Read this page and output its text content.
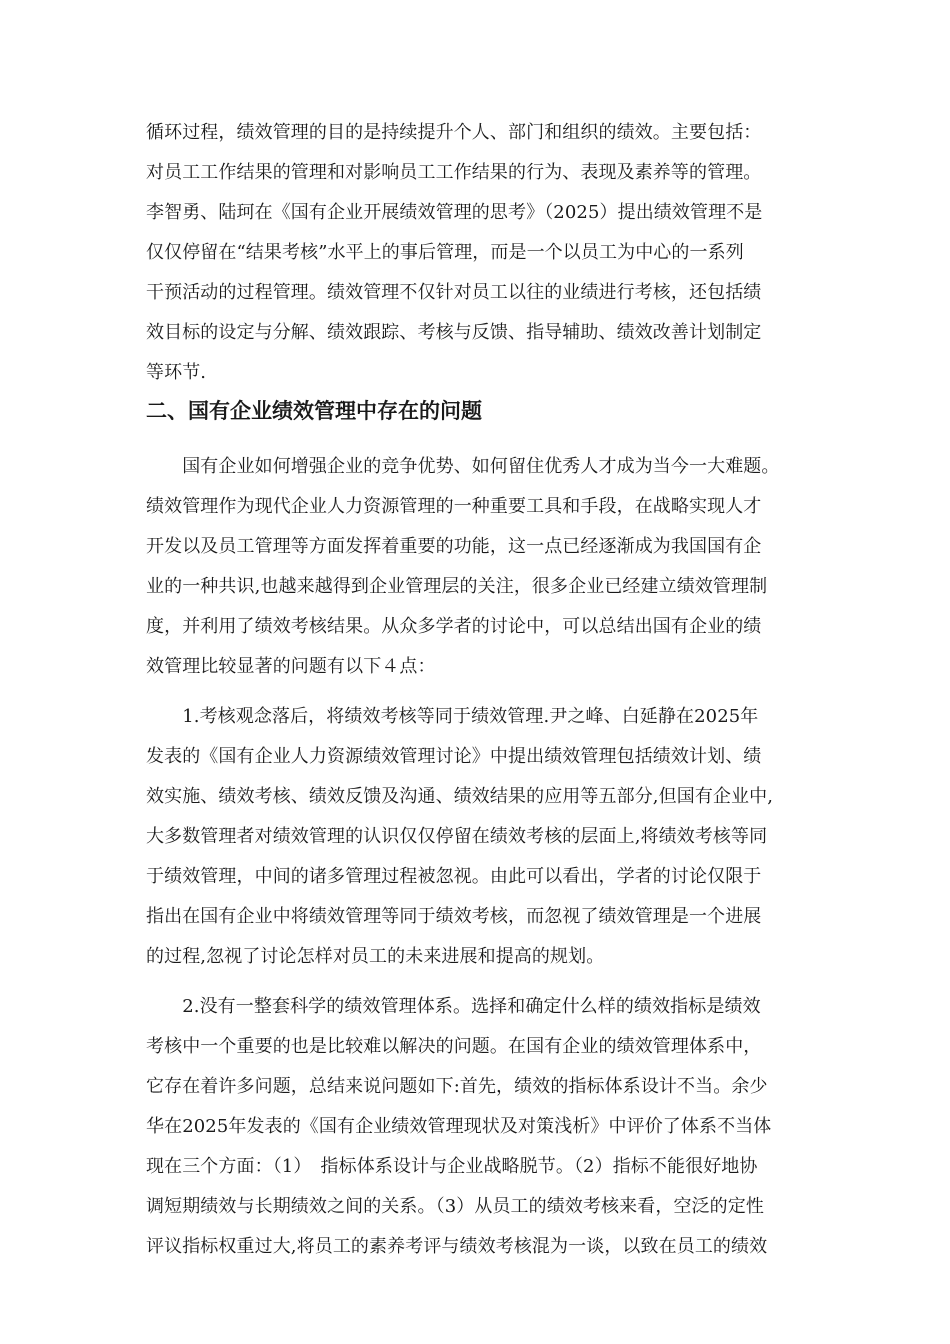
循环过程，绩效管理的目的是持续提升个人、部门和组织的绩效。主要包括：
对员工工作结果的管理和对影响员工工作结果的行为、表现及素养等的管理。
李智勇、陆珂在《国有企业开展绩效管理的思考》（2025）提出绩效管理不是
仅仅停留在“结果考核”水平上的事后管理，而是一个以员工为中心的一系列
干预活动的过程管理。绩效管理不仅针对员工以往的业绩进行考核，还包括绩
效目标的设定与分解、绩效跟踪、考核与反馈、指导辅助、绩效改善计划制定
等环节.
二、国有企业绩效管理中存在的问题
　　国有企业如何增强企业的竞争优势、如何留住优秀人才成为当今一大难题。
绩效管理作为现代企业人力资源管理的一种重要工具和手段，在战略实现人才
开发以及员工管理等方面发挥着重要的功能，这一点已经逐渐成为我国国有企
业的一种共识,也越来越得到企业管理层的关注，很多企业已经建立绩效管理制
度，并利用了绩效考核结果。从众多学者的讨论中，可以总结出国有企业的绩
效管理比较显著的问题有以下４点：
　　1.考核观念落后，将绩效考核等同于绩效管理.尹之峰、白延静在2025年
发表的《国有企业人力资源绩效管理讨论》中提出绩效管理包括绩效计划、绩
效实施、绩效考核、绩效反馈及沟通、绩效结果的应用等五部分,但国有企业中,
大多数管理者对绩效管理的认识仅仅停留在绩效考核的层面上,将绩效考核等同
于绩效管理，中间的诸多管理过程被忽视。由此可以看出，学者的讨论仅限于
指出在国有企业中将绩效管理等同于绩效考核，而忽视了绩效管理是一个进展
的过程,忽视了讨论怎样对员工的未来进展和提高的规划。
　　2.没有一整套科学的绩效管理体系。选择和确定什么样的绩效指标是绩效
考核中一个重要的也是比较难以解决的问题。在国有企业的绩效管理体系中，
它存在着许多问题，总结来说问题如下:首先，绩效的指标体系设计不当。余少
华在2025年发表的《国有企业绩效管理现状及对策浅析》中评价了体系不当体
现在三个方面：（1）　指标体系设计与企业战略脱节。（2）指标不能很好地协
调短期绩效与长期绩效之间的关系。（3）从员工的绩效考核来看，空泛的定性
评议指标权重过大,将员工的素养考评与绩效考核混为一谈，以致在员工的绩效
